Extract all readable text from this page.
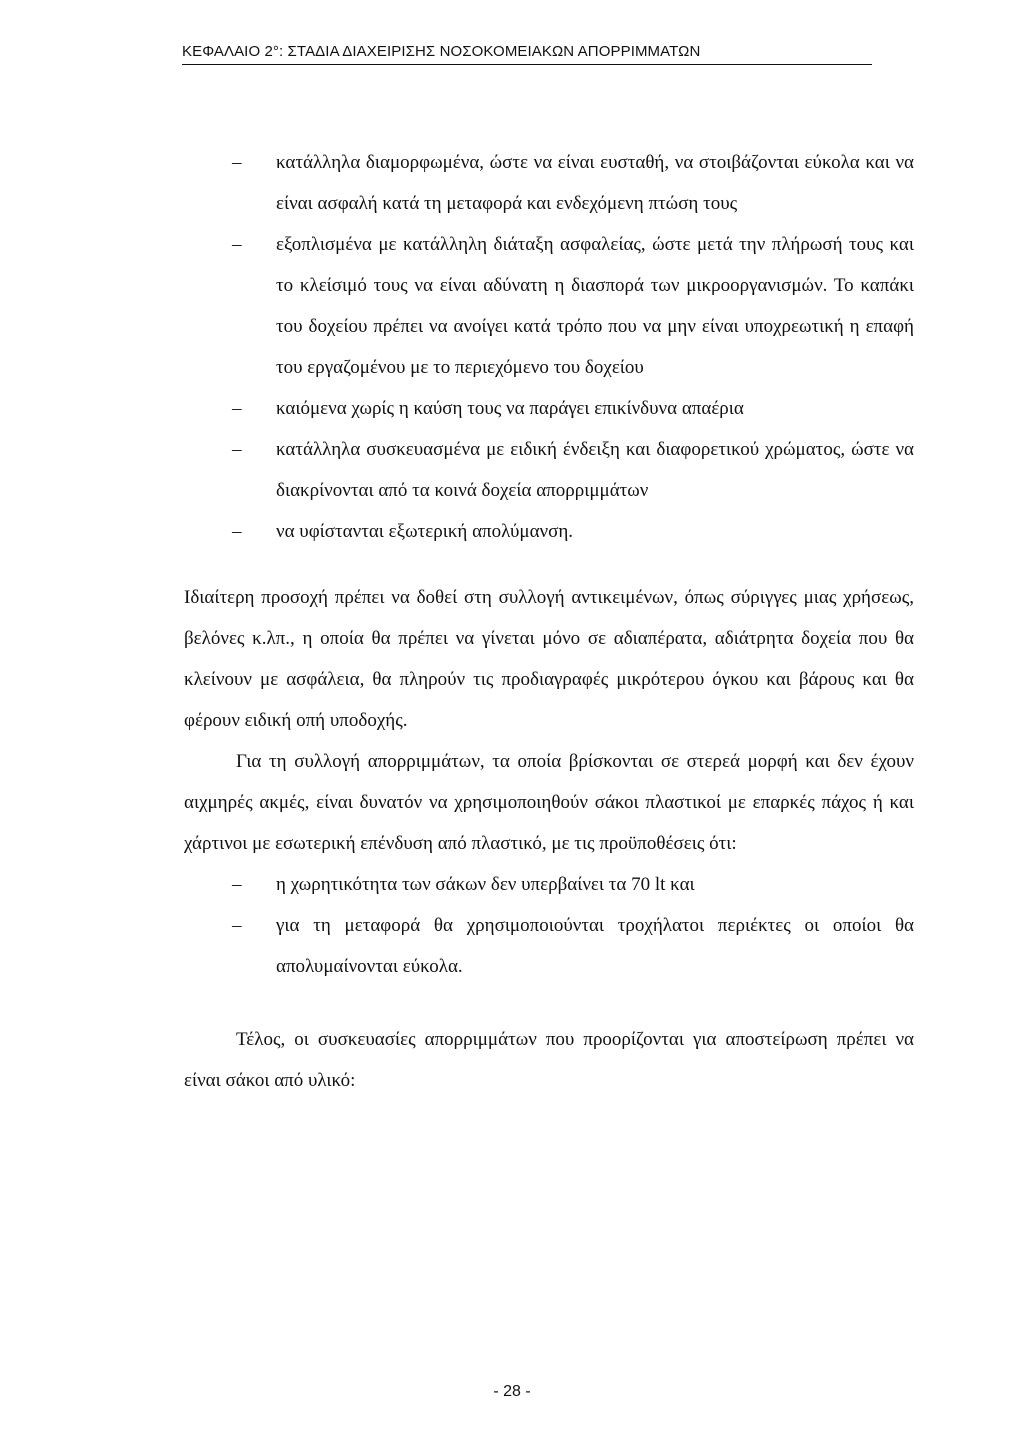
ΚΕΦΑΛΑΙΟ 2°: ΣΤΑΔΙΑ ΔΙΑΧΕΙΡΙΣΗΣ ΝΟΣΟΚΟΜΕΙΑΚΩΝ ΑΠΟΡΡΙΜΜΑΤΩΝ
– κατάλληλα διαμορφωμένα, ώστε να είναι ευσταθή, να στοιβάζονται εύκολα και να είναι ασφαλή κατά τη μεταφορά και ενδεχόμενη πτώση τους
– εξοπλισμένα με κατάλληλη διάταξη ασφαλείας, ώστε μετά την πλήρωσή τους και το κλείσιμό τους να είναι αδύνατη η διασπορά των μικροοργανισμών. Το καπάκι του δοχείου πρέπει να ανοίγει κατά τρόπο που να μην είναι υποχρεωτική η επαφή του εργαζομένου με το περιεχόμενο του δοχείου
– καιόμενα χωρίς η καύση τους να παράγει επικίνδυνα απαέρια
– κατάλληλα συσκευασμένα με ειδική ένδειξη και διαφορετικού χρώματος, ώστε να διακρίνονται από τα κοινά δοχεία απορριμμάτων
– να υφίστανται εξωτερική απολύμανση.

Ιδιαίτερη προσοχή πρέπει να δοθεί στη συλλογή αντικειμένων, όπως σύριγγες μιας χρήσεως, βελόνες κ.λπ., η οποία θα πρέπει να γίνεται μόνο σε αδιαπέρατα, αδιάτρητα δοχεία που θα κλείνουν με ασφάλεια, θα πληρούν τις προδιαγραφές μικρότερου όγκου και βάρους και θα φέρουν ειδική οπή υποδοχής.

Για τη συλλογή απορριμμάτων, τα οποία βρίσκονται σε στερεά μορφή και δεν έχουν αιχμηρές ακμές, είναι δυνατόν να χρησιμοποιηθούν σάκοι πλαστικοί με επαρκές πάχος ή και χάρτινοι με εσωτερική επένδυση από πλαστικό, με τις προϋποθέσεις ότι:

– η χωρητικότητα των σάκων δεν υπερβαίνει τα 70 lt και
– για τη μεταφορά θα χρησιμοποιούνται τροχήλατοι περιέκτες οι οποίοι θα απολυμαίνονται εύκολα.

Τέλος, οι συσκευασίες απορριμμάτων που προορίζονται για αποστείρωση πρέπει να είναι σάκοι από υλικό:

- 28 -
